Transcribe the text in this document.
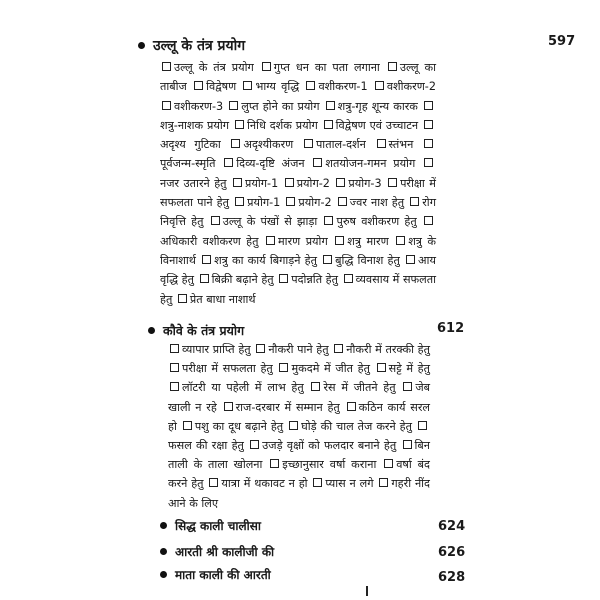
उल्लू के तंत्र प्रयोग	597
उल्लू के तंत्र प्रयोग गुप्त धन का पता लगाना उल्लू का ताबीज विद्वेषण भाग्य वृद्धि वशीकरण-1 वशीकरण-2 वशीकरण-3 लुप्त होने का प्रयोग शत्रु-गृह शून्य कारक शत्रु-नाशक प्रयोग निधि दर्शक प्रयोग विद्वेषण एवं उच्चाटन अदृश्य गुटिका अदृश्यीकरण पाताल-दर्शन स्तंभन पूर्वजन्म-स्मृति दिव्य-दृष्टि अंजन शतयोजन-गमन प्रयोग नजर उतारने हेतु प्रयोग-1 प्रयोग-2 प्रयोग-3 परीक्षा में सफलता पाने हेतु प्रयोग-1 प्रयोग-2 ज्वर नाश हेतु रोग निवृत्ति हेतु उल्लू के पंखों से झाड़ा पुरुष वशीकरण हेतु अधिकारी वशीकरण हेतु मारण प्रयोग शत्रु मारण शत्रु के विनाशार्थ शत्रु का कार्य बिगाड़ने हेतु बुद्धि विनाश हेतु आय वृद्धि हेतु बिक्री बढ़ाने हेतु पदोन्नति हेतु व्यवसाय में सफलता हेतु प्रेत बाधा नाशार्थ
कौवे के तंत्र प्रयोग	612
व्यापार प्राप्ति हेतु नौकरी पाने हेतु नौकरी में तरक्की हेतु परीक्षा में सफलता हेतु मुकदमे में जीत हेतु सट्टे में हेतु लॉटरी या पहेली में लाभ हेतु रेस में जीतने हेतु जेब खाली न रहे राज-दरबार में सम्मान हेतु कठिन कार्य सरल हो पशु का दूध बढ़ाने हेतु घोड़े की चाल तेज करने हेतु फसल की रक्षा हेतु उजड़े वृक्षों को फलदार बनाने हेतु बिन ताली के ताला खोलना इच्छानुसार वर्षा कराना वर्षा बंद करने हेतु यात्रा में थकावट न हो प्यास न लगे गहरी नींद आने के लिए
सिद्ध काली चालीसा	624
आरती श्री कालीजी की	626
माता काली की आरती	628
